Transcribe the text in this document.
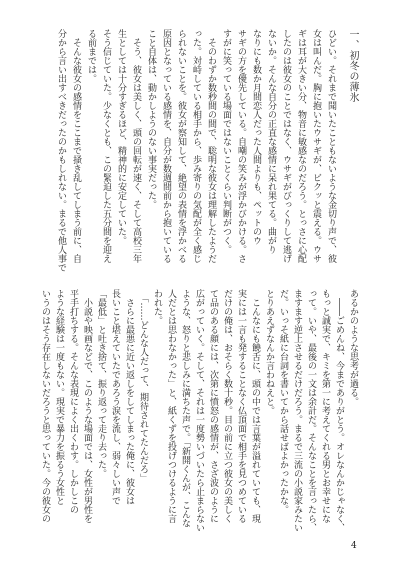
一、初冬の薄氷
ひどい。それまで聞いたこともないような金切り声で、彼
女は叫んだ。胸に抱いたウサギが、ビクッと震える。ウサ
ギは耳が大きい分、物音に敏感なのだろう。とっさに心配
したのは彼女のことではなく、ウサギがびっくりして逃げ
ないか。そんな自分の正直な感情に呆れ果てる。曲がり
なりにも数か月間恋人だった人間よりも、ペットのウ
サギの方を優先している。自嘲の笑みが浮かびかける。さ
すがに笑っている場面ではないことくらい判断がつく。
　そのわずか数秒間の間で、聡明な彼女は理解したようだ
った。対峙している相手から、歩み寄りの気配が全く感じ
られないことを。彼女が察知して、絶望の表情を浮かべる
原因となっている感情を、自分が数週間前から抱いている
こと自体は、動かしようのない事実だった。
　そう、彼女は美しく、頭の回転が速く、そして高校三年
生としては十分すぎるほど、精神的に安定していた。
そう信じていた。少なくとも、この緊迫した五分間を迎え
る前までは。
　そんな彼女の感情をここまで掻き乱してしまう前に、自
分から言い出すべきだったのかもしれない。まるで他人事で
あるかのような思考が過る。
　――ごめんね、今までありがとう。オレなんかじゃなく、
もっと誠実で、キミを第一に考えてくれる男とお幸せにな
って。いや、最後の一文は余計だ。そんなことを言ったら、
ますます逆上させるだけだろう。まるで三流の小説家みたい
だ。いっそ紙に台詞を書いてから話せばよかったかな。
とりあえずなんか言わねえと。
　こんなにも饒舌に、頭の中では言葉が溢れていても、現
実には一言も発することなく仏頂面で相手を見つめている
だけの俺は、おそらく数十秒。目の前に立つ彼女の美しく
て品のある顔には、次第に憤怒の感情が、さざ波のように
広がっていく。そして、それは一度勢いづいたら止まらない
ような、怒りと悲しみに満ちた声で。「新開くんが、こんな
人だとは思わなかった」と、紙くずを投げつけるように言
われた。
　「……どんな人だって、期待されてたんだろ」
　さらに最悪に近い返しをしてしまった俺に、彼女は
長いこと堪えていたであろう涙を流し、弱々しい声で
「最低」と吐き捨て、振り返って走り去った。
　小説や映画などで、このような場面では、女性が男性を
平手打ちする。そんな表現によく出くわす。しかしこの
ような経験は一度もない。現実で暴力を振るう女性と
いうのはそう存在しないだろうと思っていた。今の彼女の
4
